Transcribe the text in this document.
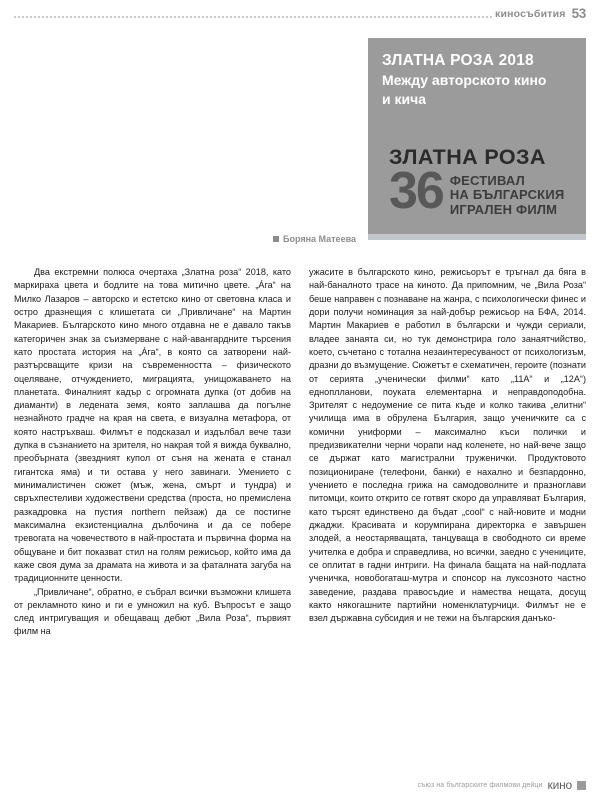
киносъбития 53
ЗЛАТНА РОЗА 2018
Между авторското кино
и кича
ЗЛАТНА РОЗА
36 ФЕСТИВАЛ
НА БЪЛГАРСКИЯ
ИГРАЛЕН ФИЛМ
Боряна Матеева

Два екстремни полюса очертаха „Златна роза“ 2018, като маркираха цвета и бодлите на това митично цвете. „Áга“ на Милко Лазаров – авторско и естетско кино от световна класа и остро дразнещия с клишетата си „Привличане“ на Мартин Макариев. Българското кино много отдавна не е давало такъв категоричен знак за съизмерване с най-авангардните търсения като простата история на „Áга“, в която са затворени най-разтърсващите кризи на съвременността – физическото оцеляване, отчуждението, миграцията, унищожаването на планетата. Финалният кадър с огромната дупка (от добив на диаманти) в ледената земя, която заплашва да погълне незнайното градче на края на света, е визуална метафора, от която настръхваш. Филмът е подсказал и издълбал вече тази дупка в съзнанието на зрителя, но накрая той я вижда буквално, преобърната (звездният купол от съня на жената е станал гигантска яма) и ти остава у него завинаги. Умението с минималистичен сюжет (мъж, жена, смърт и тундра) и свръхпестеливи художествени средства (проста, но премислена разкадровка на пустия northern пейзаж) да се постигне максимална екзистенциална дълбочина и да се побере тревогата на човечеството в най-простата и първична форма на общуване и бит показват стил на голям режисьор, който има да каже своя дума за драмата на живота и за фаталната загуба на традиционните ценности.

„Привличане“, обратно, е събрал всички възможни клишета от рекламното кино и ги е умножил на куб. Въпросът е защо след интригуващия и обещаващ дебют „Вила Роза“, първият филм на

ужасите в българското кино, режисьорът е тръгнал да бяга в най-баналното трасе на киното. Да припомним, че „Вила Роза“ беше направен с познаване на жанра, с психологически финес и дори получи номинация за най-добър режисьор на БФА, 2014. Мартин Макариев е работил в български и чужди сериали, владее занаята си, но тук демонстрира голо занаятчийство, което, съчетано с тотална незаинтересуваност от психологизъм, дразни до възмущение. Сюжетът е схематичен, героите (познати от серията „ученически филми“ като „11А“ и „12А“) едноплланови, поуката елементарна и неправдоподобна. Зрителят с недоумение се пита къде и колко такива „елитни“ училища има в обрулена България, защо ученичките са с комични униформи – максимално къси полички и предизвикателни черни чорапи над коленете, но най-вече защо се държат като магистрални труженички. Продуктовото позициониране (телефони, банки) е нахално и безпардонно, учението е последна грижа на самодоволните и празноглави питомци, които открито се готвят скоро да управляват България, като търсят единствено да бъдат „cool“ с най-новите и модни джаджи. Красивата и корумпирана директорка е завършен злодей, а неостаряващата, танцуваща в свободното си време учителка е добра и справедлива, но всички, заедно с учениците, се оплитат в гадни интриги. На финала бащата на най-подлата ученичка, новобогаташ-мутра и спонсор на луксозното частно заведение, раздава правосъдие и намества нещата, досущ както някогашните партийни номенклатурчици. Филмът не е взел държавна субсидия и не тежи на българския данъко-

съюз на българските филмови дейци кино
